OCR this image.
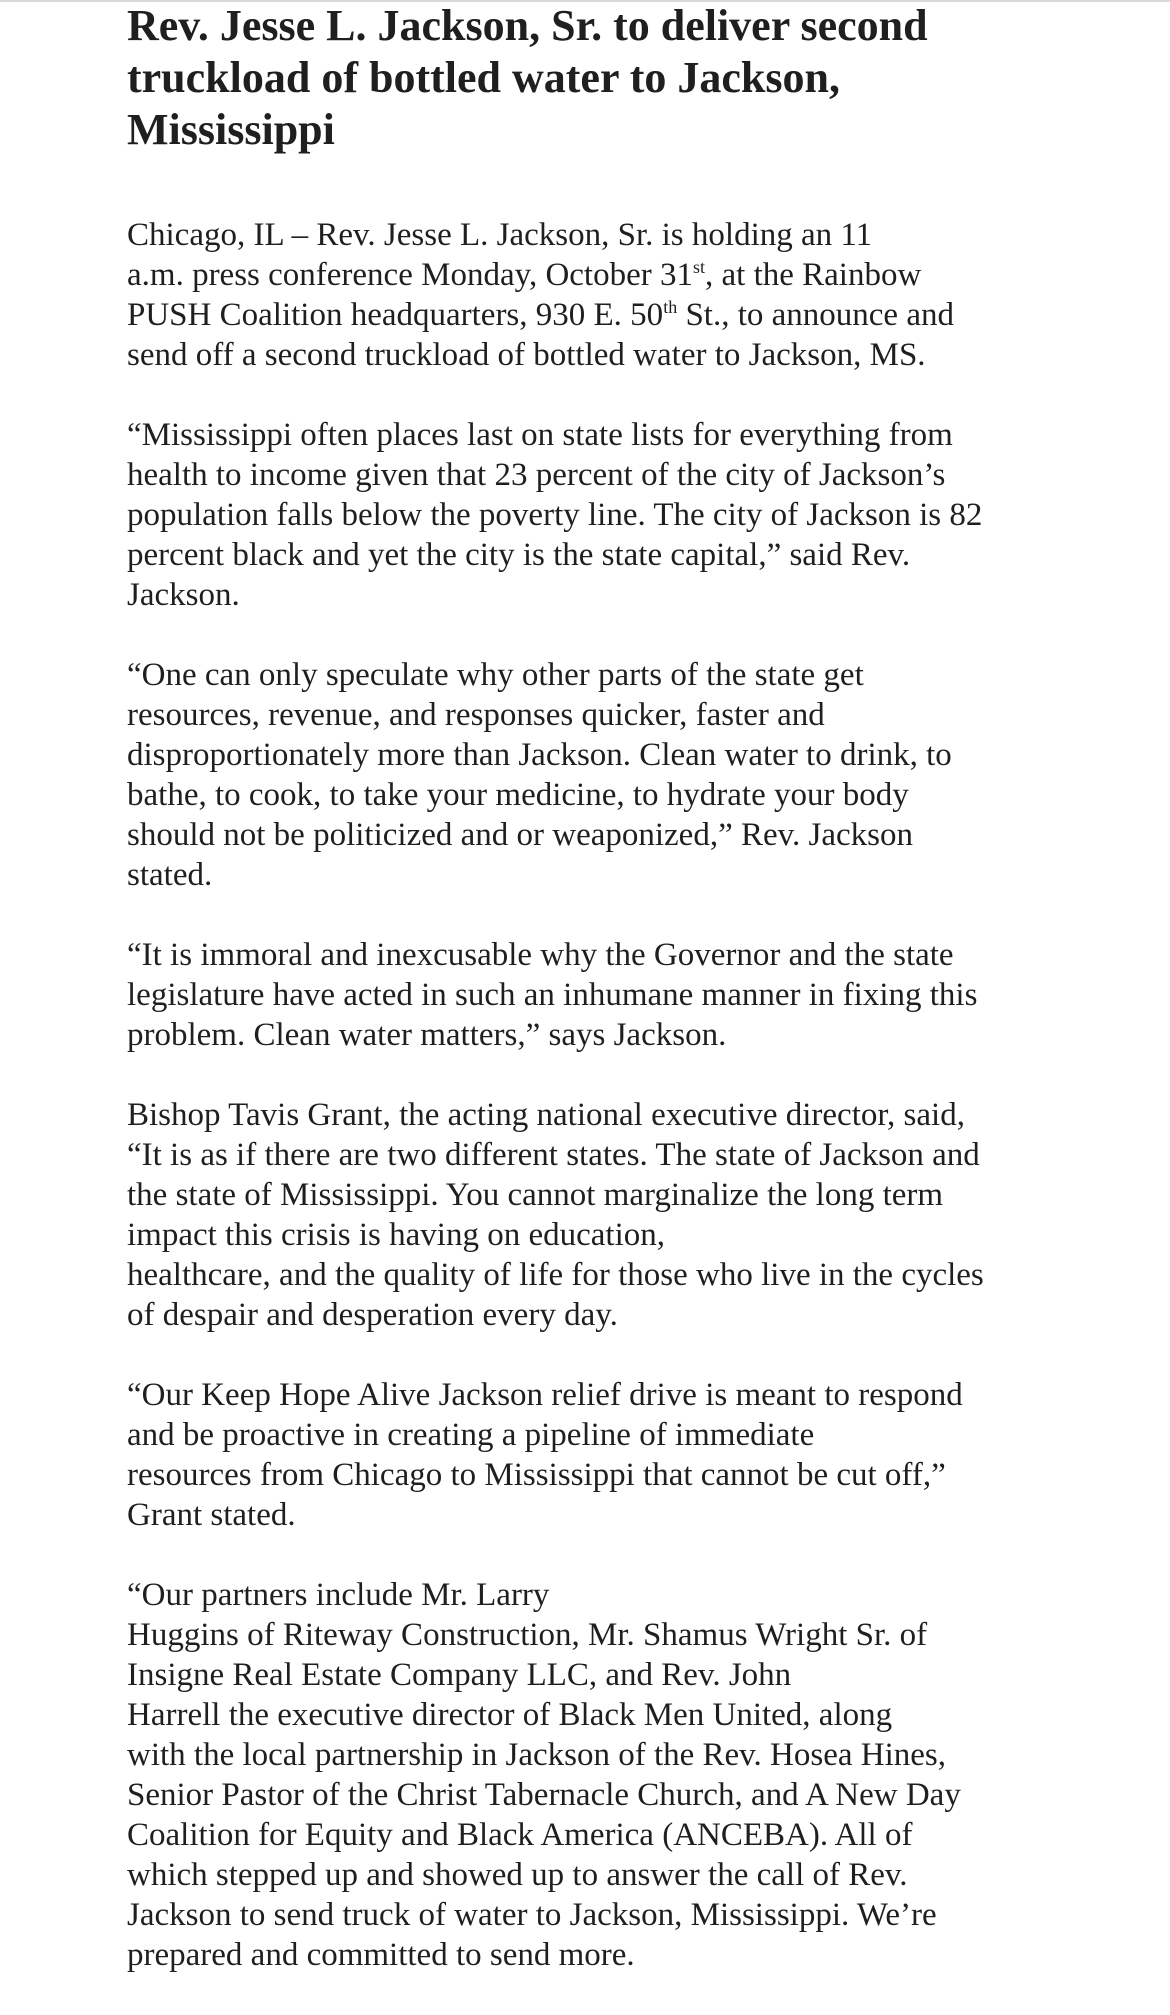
Rev. Jesse L. Jackson, Sr. to deliver second
truckload of bottled water to Jackson,
Mississippi

Chicago, IL – Rev. Jesse L. Jackson, Sr. is holding an 11
a.m. press conference Monday, October 31st, at the Rainbow
PUSH Coalition headquarters, 930 E. 50th St., to announce and
send off a second truckload of bottled water to Jackson, MS.

“Mississippi often places last on state lists for everything from
health to income given that 23 percent of the city of Jackson’s
population falls below the poverty line. The city of Jackson is 82
percent black and yet the city is the state capital,” said Rev.
Jackson.

“One can only speculate why other parts of the state get
resources, revenue, and responses quicker, faster and
disproportionately more than Jackson. Clean water to drink, to
bathe, to cook, to take your medicine, to hydrate your body
should not be politicized and or weaponized,” Rev. Jackson
stated.

“It is immoral and inexcusable why the Governor and the state
legislature have acted in such an inhumane manner in fixing this
problem. Clean water matters,” says Jackson.

Bishop Tavis Grant, the acting national executive director, said,
“It is as if there are two different states. The state of Jackson and
the state of Mississippi. You cannot marginalize the long term
impact this crisis is having on education,
healthcare, and the quality of life for those who live in the cycles
of despair and desperation every day.

“Our Keep Hope Alive Jackson relief drive is meant to respond
and be proactive in creating a pipeline of immediate
resources from Chicago to Mississippi that cannot be cut off,”
Grant stated.

“Our partners include Mr. Larry
Huggins of Riteway Construction, Mr. Shamus Wright Sr. of
Insigne Real Estate Company LLC, and Rev. John
Harrell the executive director of Black Men United, along
with the local partnership in Jackson of the Rev. Hosea Hines,
Senior Pastor of the Christ Tabernacle Church, and A New Day
Coalition for Equity and Black America (ANCEBA). All of
which stepped up and showed up to answer the call of Rev.
Jackson to send truck of water to Jackson, Mississippi. We’re
prepared and committed to send more.
